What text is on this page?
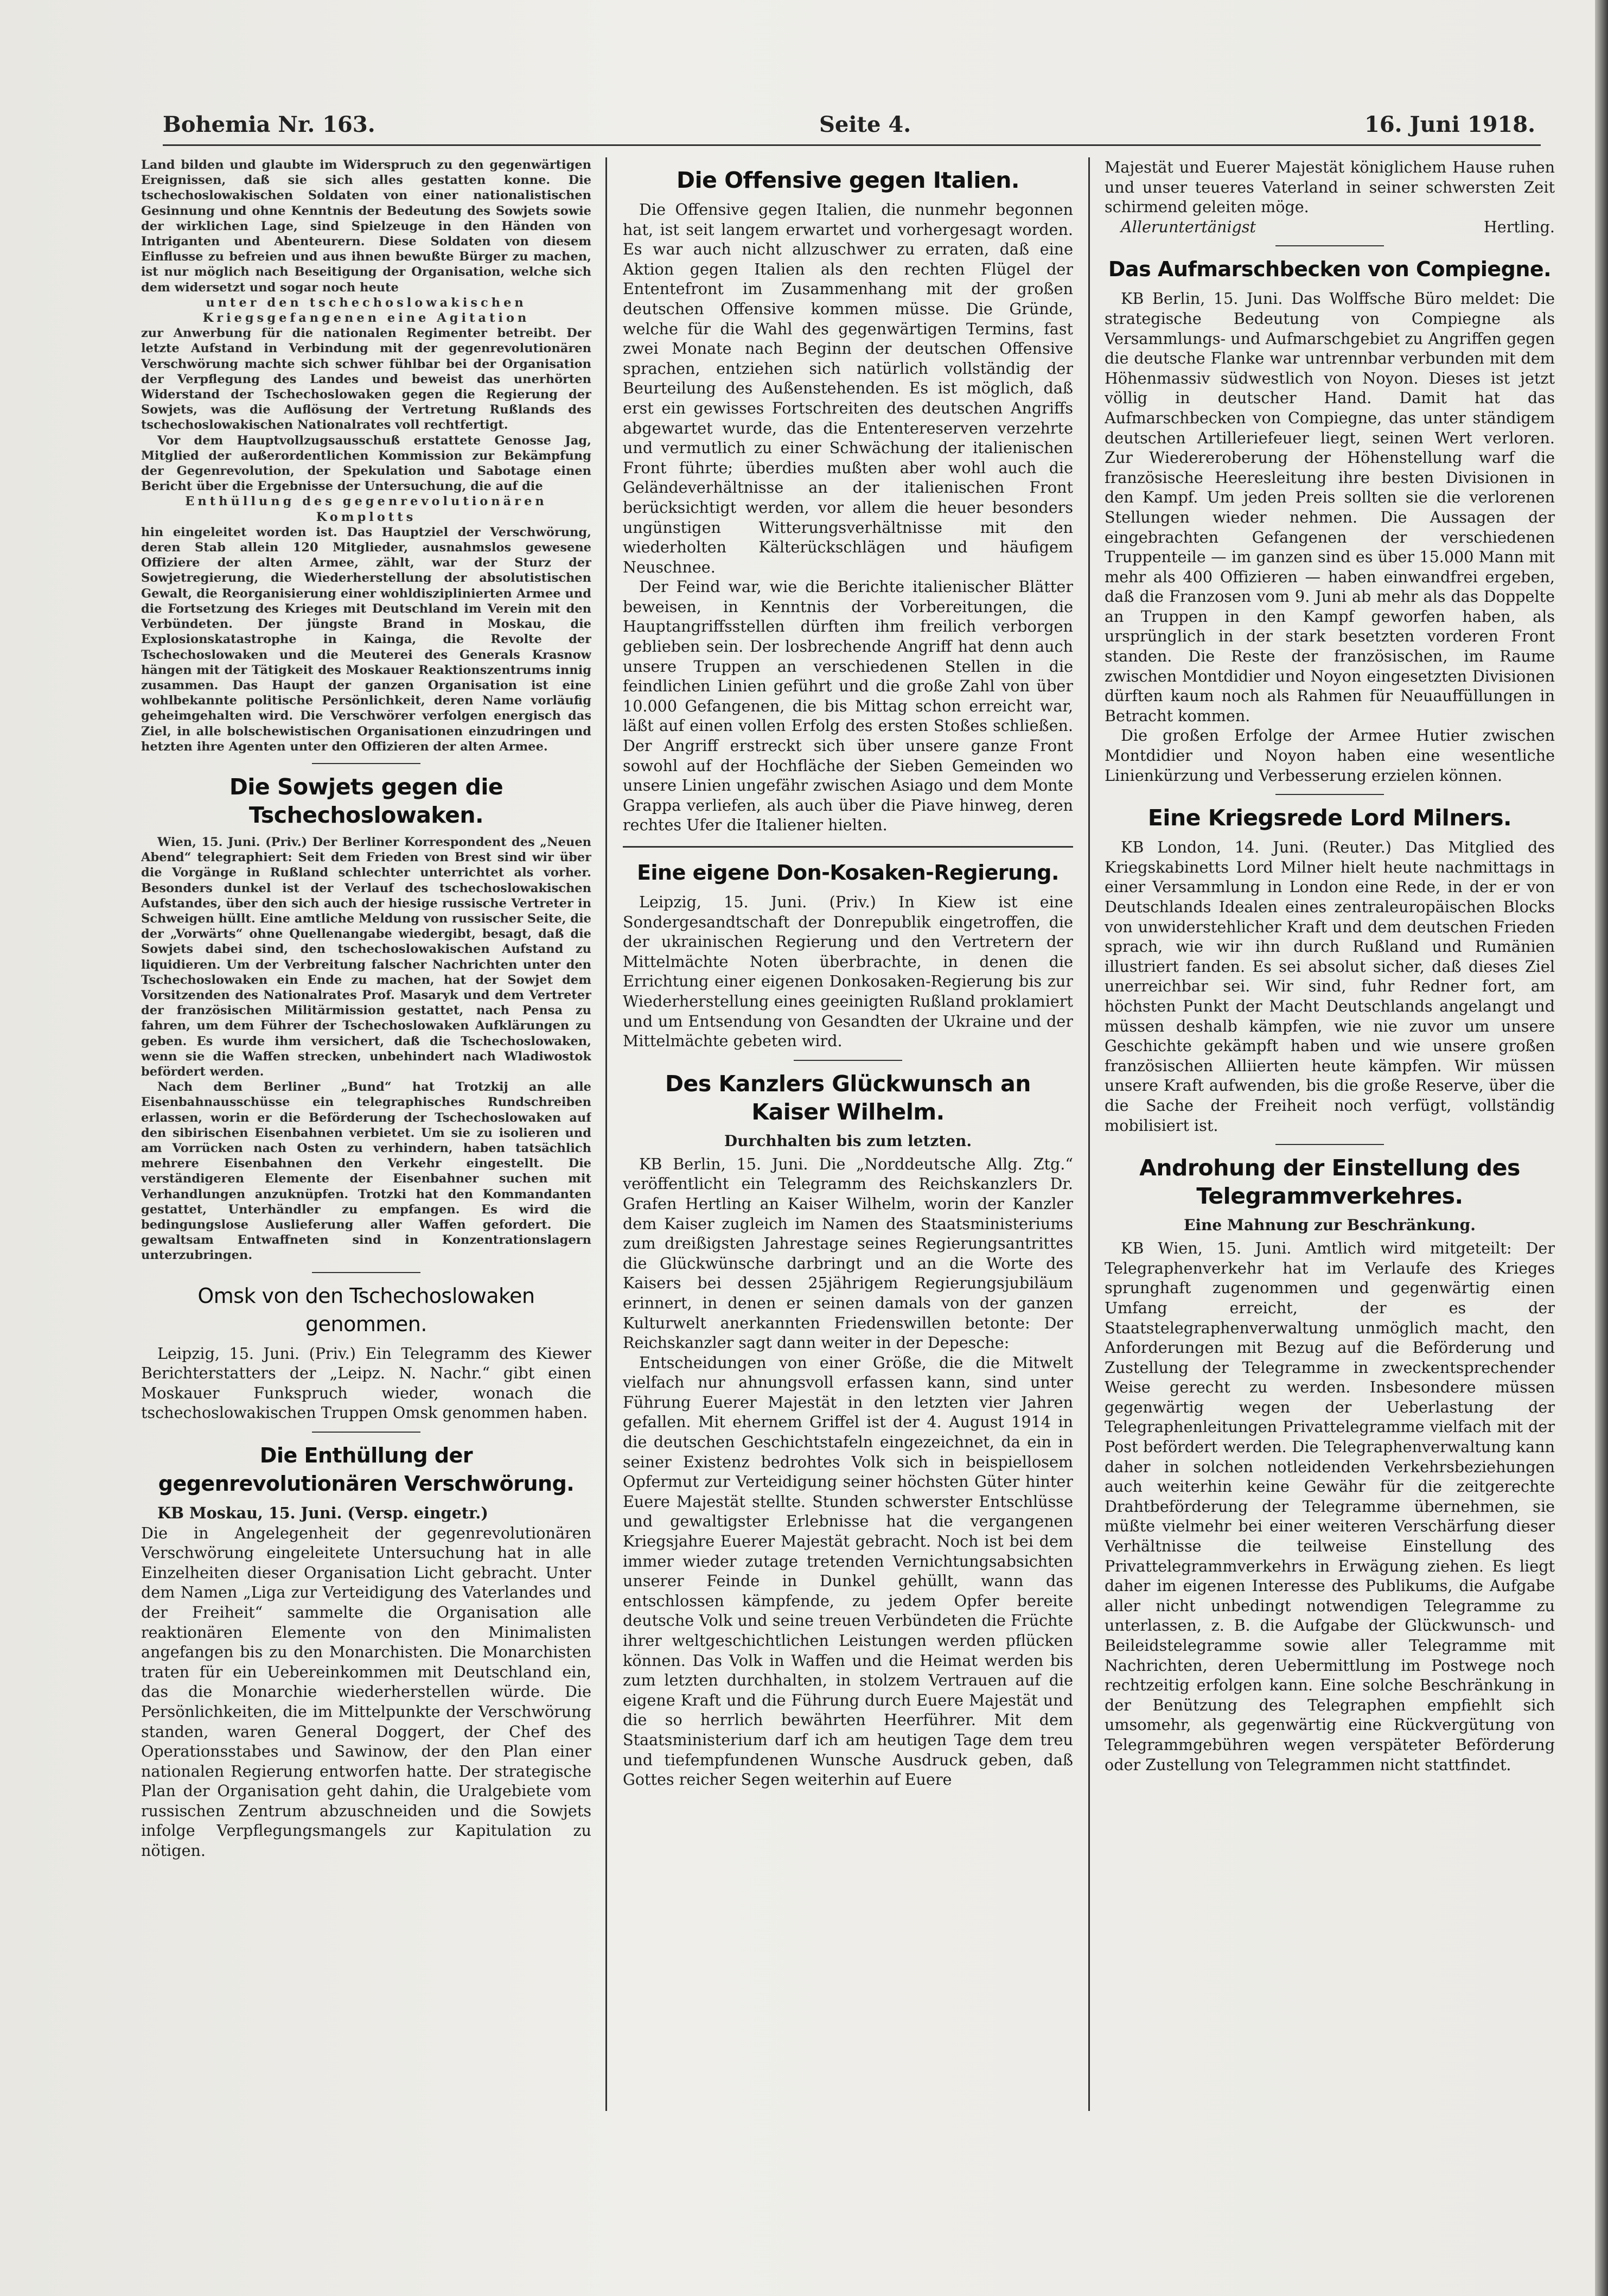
Bohemia Nr. 163.	Seite 4.	16. Juni 1918.

Land bilden und glaubte im Widerspruch zu den gegenwärtigen Ereignissen, daß sie sich alles gestatten konne. Die tschechoslowakischen Soldaten von einer nationalistischen Gesinnung und ohne Kenntnis der Bedeutung des Sowjets sowie der wirklichen Lage, sind Spielzeuge in den Händen von Intriganten und Abenteurern. Diese Soldaten von diesem Einflusse zu befreien und aus ihnen bewußte Bürger zu machen, ist nur möglich nach Beseitigung der Organisation, welche sich dem widersetzt und sogar noch heute

unter den tschechoslowakischen Kriegsgefangenen eine Agitation

zur Anwerbung für die nationalen Regimenter betreibt. Der letzte Aufstand in Verbindung mit der gegenrevolutionären Verschwörung machte sich schwer fühlbar bei der Organisation der Verpflegung des Landes und beweist das unerhörten Widerstand der Tschechoslowaken gegen die Regierung der Sowjets, was die Auflösung der Vertretung Rußlands des tschechoslowakischen Nationalrates voll rechtfertigt.

Vor dem Hauptvollzugsausschuß erstattete Genosse Jag, Mitglied der außerordentlichen Kommission zur Bekämpfung der Gegenrevolution, der Spekulation und Sabotage einen Bericht über die Ergebnisse der Untersuchung, die auf die

Enthüllung des gegenrevolutionären Komplotts

hin eingeleitet worden ist. Das Hauptziel der Verschwörung, deren Stab allein 120 Mitglieder, ausnahmslos gewesene Offiziere der alten Armee, zählt, war der Sturz der Sowjetregierung, die Wiederherstellung der absolutistischen Gewalt, die Reorganisierung einer wohldisziplinierten Armee und die Fortsetzung des Krieges mit Deutschland im Verein mit den Verbündeten. Der jüngste Brand in Moskau, die Explosionskatastrophe in Kainga, die Revolte der Tschechoslowaken und die Meuterei des Generals Krasnow hängen mit der Tätigkeit des Moskauer Reaktionszentrums innig zusammen. Das Haupt der ganzen Organisation ist eine wohlbekannte politische Persönlichkeit, deren Name vorläufig geheimgehalten wird. Die Verschwörer verfolgen energisch das Ziel, in alle bolschewistischen Organisationen einzudringen und hetzten ihre Agenten unter den Offizieren der alten Armee.

Die Sowjets gegen die Tschechoslowaken.

Wien, 15. Juni. (Priv.) Der Berliner Korrespondent des „Neuen Abend“ telegraphiert: Seit dem Frieden von Brest sind wir über die Vorgänge in Rußland schlechter unterrichtet als vorher. Besonders dunkel ist der Verlauf des tschechoslowakischen Aufstandes, über den sich auch der hiesige russische Vertreter in Schweigen hüllt. Eine amtliche Meldung von russischer Seite, die der „Vorwärts“ ohne Quellenangabe wiedergibt, besagt, daß die Sowjets dabei sind, den tschechoslowakischen Aufstand zu liquidieren. Um der Verbreitung falscher Nachrichten unter den Tschechoslowaken ein Ende zu machen, hat der Sowjet dem Vorsitzenden des Nationalrates Prof. Masaryk und dem Vertreter der französischen Militärmission gestattet, nach Pensa zu fahren, um dem Führer der Tschechoslowaken Aufklärungen zu geben. Es wurde ihm versichert, daß die Tschechoslowaken, wenn sie die Waffen strecken, unbehindert nach Wladiwostok befördert werden.

Nach dem Berliner „Bund“ hat Trotzkij an alle Eisenbahnausschüsse ein telegraphisches Rundschreiben erlassen, worin er die Beförderung der Tschechoslowaken auf den sibirischen Eisenbahnen verbietet. Um sie zu isolieren und am Vorrücken nach Osten zu verhindern, haben tatsächlich mehrere Eisenbahnen den Verkehr eingestellt. Die verständigeren Elemente der Eisenbahner suchen mit Verhandlungen anzuknüpfen. Trotzki hat den Kommandanten gestattet, Unterhändler zu empfangen. Es wird die bedingungslose Auslieferung aller Waffen gefordert. Die gewaltsam Entwaffneten sind in Konzentrationslagern unterzubringen.

Omsk von den Tschechoslowaken genommen.

Leipzig, 15. Juni. (Priv.) Ein Telegramm des Kiewer Berichterstatters der „Leipz. N. Nachr.“ gibt einen Moskauer Funkspruch wieder, wonach die tschechoslowakischen Truppen Omsk genommen haben.

Die Enthüllung der gegenrevolutionären Verschwörung.

KB Moskau, 15. Juni. (Versp. eingetr.)

Die in Angelegenheit der gegenrevolutionären Verschwörung eingeleitete Untersuchung hat in alle Einzelheiten dieser Organisation Licht gebracht. Unter dem Namen „Liga zur Verteidigung des Vaterlandes und der Freiheit“ sammelte die Organisation alle reaktionären Elemente von den Minimalisten angefangen bis zu den Monarchisten. Die Monarchisten traten für ein Uebereinkommen mit Deutschland ein, das die Monarchie wiederherstellen würde. Die Persönlichkeiten, die im Mittelpunkte der Verschwörung standen, waren General Doggert, der Chef des Operationsstabes und Sawinow, der den Plan einer nationalen Regierung entworfen hatte. Der strategische Plan der Organisation geht dahin, die Uralgebiete vom russischen Zentrum abzuschneiden und die Sowjets infolge Verpflegungsmangels zur Kapitulation zu nötigen.

Die Offensive gegen Italien.

Die Offensive gegen Italien, die nunmehr begonnen hat, ist seit langem erwartet und vorhergesagt worden. Es war auch nicht allzuschwer zu erraten, daß eine Aktion gegen Italien als den rechten Flügel der Ententefront im Zusammenhang mit der großen deutschen Offensive kommen müsse. Die Gründe, welche für die Wahl des gegenwärtigen Termins, fast zwei Monate nach Beginn der deutschen Offensive sprachen, entziehen sich natürlich vollständig der Beurteilung des Außenstehenden. Es ist möglich, daß erst ein gewisses Fortschreiten des deutschen Angriffs abgewartet wurde, das die Ententereserven verzehrte und vermutlich zu einer Schwächung der italienischen Front führte; überdies mußten aber wohl auch die Geländeverhältnisse an der italienischen Front berücksichtigt werden, vor allem die heuer besonders ungünstigen Witterungsverhältnisse mit den wiederholten Kälterückschlägen und häufigem Neuschnee.

Der Feind war, wie die Berichte italienischer Blätter beweisen, in Kenntnis der Vorbereitungen, die Hauptangriffsstellen dürften ihm freilich verborgen geblieben sein. Der losbrechende Angriff hat denn auch unsere Truppen an verschiedenen Stellen in die feindlichen Linien geführt und die große Zahl von über 10.000 Gefangenen, die bis Mittag schon erreicht war, läßt auf einen vollen Erfolg des ersten Stoßes schließen. Der Angriff erstreckt sich über unsere ganze Front sowohl auf der Hochfläche der Sieben Gemeinden wo unsere Linien ungefähr zwischen Asiago und dem Monte Grappa verliefen, als auch über die Piave hinweg, deren rechtes Ufer die Italiener hielten.

Eine eigene Don-Kosaken-Regierung.

Leipzig, 15. Juni. (Priv.) In Kiew ist eine Sondergesandtschaft der Donrepublik eingetroffen, die der ukrainischen Regierung und den Vertretern der Mittelmächte Noten überbrachte, in denen die Errichtung einer eigenen Donkosaken-Regierung bis zur Wiederherstellung eines geeinigten Rußland proklamiert und um Entsendung von Gesandten der Ukraine und der Mittelmächte gebeten wird.

Des Kanzlers Glückwunsch an Kaiser Wilhelm.
Durchhalten bis zum letzten.

KB Berlin, 15. Juni. Die „Norddeutsche Allg. Ztg.“ veröffentlicht ein Telegramm des Reichskanzlers Dr. Grafen Hertling an Kaiser Wilhelm, worin der Kanzler dem Kaiser zugleich im Namen des Staatsministeriums zum dreißigsten Jahrestage seines Regierungsantrittes die Glückwünsche darbringt und an die Worte des Kaisers bei dessen 25jährigem Regierungsjubiläum erinnert, in denen er seinen damals von der ganzen Kulturwelt anerkannten Friedenswillen betonte: Der Reichskanzler sagt dann weiter in der Depesche:

Entscheidungen von einer Größe, die die Mitwelt vielfach nur ahnungsvoll erfassen kann, sind unter Führung Euerer Majestät in den letzten vier Jahren gefallen. Mit ehernem Griffel ist der 4. August 1914 in die deutschen Geschichtstafeln eingezeichnet, da ein in seiner Existenz bedrohtes Volk sich in beispiellosem Opfermut zur Verteidigung seiner höchsten Güter hinter Euere Majestät stellte. Stunden schwerster Entschlüsse und gewaltigster Erlebnisse hat die vergangenen Kriegsjahre Euerer Majestät gebracht. Noch ist bei dem immer wieder zutage tretenden Vernichtungsabsichten unserer Feinde in Dunkel gehüllt, wann das entschlossen kämpfende, zu jedem Opfer bereite deutsche Volk und seine treuen Verbündeten die Früchte ihrer weltgeschichtlichen Leistungen werden pflücken können. Das Volk in Waffen und die Heimat werden bis zum letzten durchhalten, in stolzem Vertrauen auf die eigene Kraft und die Führung durch Euere Majestät und die so herrlich bewährten Heerführer. Mit dem Staatsministerium darf ich am heutigen Tage dem treu und tiefempfundenen Wunsche Ausdruck geben, daß Gottes reicher Segen weiterhin auf Euere

Majestät und Euerer Majestät königlichem Hause ruhen und unser teueres Vaterland in seiner schwersten Zeit schirmend geleiten möge.

Hertling.
Alleruntertänigst

Das Aufmarschbecken von Compiegne.

KB Berlin, 15. Juni. Das Wolffsche Büro meldet: Die strategische Bedeutung von Compiegne als Versammlungs- und Aufmarschgebiet zu Angriffen gegen die deutsche Flanke war untrennbar verbunden mit dem Höhenmassiv südwestlich von Noyon. Dieses ist jetzt völlig in deutscher Hand. Damit hat das Aufmarschbecken von Compiegne, das unter ständigem deutschen Artilleriefeuer liegt, seinen Wert verloren. Zur Wiedereroberung der Höhenstellung warf die französische Heeresleitung ihre besten Divisionen in den Kampf. Um jeden Preis sollten sie die verlorenen Stellungen wieder nehmen. Die Aussagen der eingebrachten Gefangenen der verschiedenen Truppenteile — im ganzen sind es über 15.000 Mann mit mehr als 400 Offizieren — haben einwandfrei ergeben, daß die Franzosen vom 9. Juni ab mehr als das Doppelte an Truppen in den Kampf geworfen haben, als ursprünglich in der stark besetzten vorderen Front standen. Die Reste der französischen, im Raume zwischen Montdidier und Noyon eingesetzten Divisionen dürften kaum noch als Rahmen für Neuauffüllungen in Betracht kommen.

Die großen Erfolge der Armee Hutier zwischen Montdidier und Noyon haben eine wesentliche Linienkürzung und Verbesserung erzielen können.

Eine Kriegsrede Lord Milners.

KB London, 14. Juni. (Reuter.) Das Mitglied des Kriegskabinetts Lord Milner hielt heute nachmittags in einer Versammlung in London eine Rede, in der er von Deutschlands Idealen eines zentraleuropäischen Blocks von unwiderstehlicher Kraft und dem deutschen Frieden sprach, wie wir ihn durch Rußland und Rumänien illustriert fanden. Es sei absolut sicher, daß dieses Ziel unerreichbar sei. Wir sind, fuhr Redner fort, am höchsten Punkt der Macht Deutschlands angelangt und müssen deshalb kämpfen, wie nie zuvor um unsere Geschichte gekämpft haben und wie unsere großen französischen Alliierten heute kämpfen. Wir müssen unsere Kraft aufwenden, bis die große Reserve, über die die Sache der Freiheit noch verfügt, vollständig mobilisiert ist.

Androhung der Einstellung des Telegrammverkehres.
Eine Mahnung zur Beschränkung.

KB Wien, 15. Juni. Amtlich wird mitgeteilt: Der Telegraphenverkehr hat im Verlaufe des Krieges sprunghaft zugenommen und gegenwärtig einen Umfang erreicht, der es der Staatstelegraphenverwaltung unmöglich macht, den Anforderungen mit Bezug auf die Beförderung und Zustellung der Telegramme in zweckentsprechender Weise gerecht zu werden. Insbesondere müssen gegenwärtig wegen der Ueberlastung der Telegraphenleitungen Privattelegramme vielfach mit der Post befördert werden. Die Telegraphenverwaltung kann daher in solchen notleidenden Verkehrsbeziehungen auch weiterhin keine Gewähr für die zeitgerechte Drahtbeförderung der Telegramme übernehmen, sie müßte vielmehr bei einer weiteren Verschärfung dieser Verhältnisse die teilweise Einstellung des Privattelegrammverkehrs in Erwägung ziehen. Es liegt daher im eigenen Interesse des Publikums, die Aufgabe aller nicht unbedingt notwendigen Telegramme zu unterlassen, z. B. die Aufgabe der Glückwunsch- und Beileidstelegramme sowie aller Telegramme mit Nachrichten, deren Uebermittlung im Postwege noch rechtzeitig erfolgen kann. Eine solche Beschränkung in der Benützung des Telegraphen empfiehlt sich umsomehr, als gegenwärtig eine Rückvergütung von Telegrammgebühren wegen verspäteter Beförderung oder Zustellung von Telegrammen nicht stattfindet.
